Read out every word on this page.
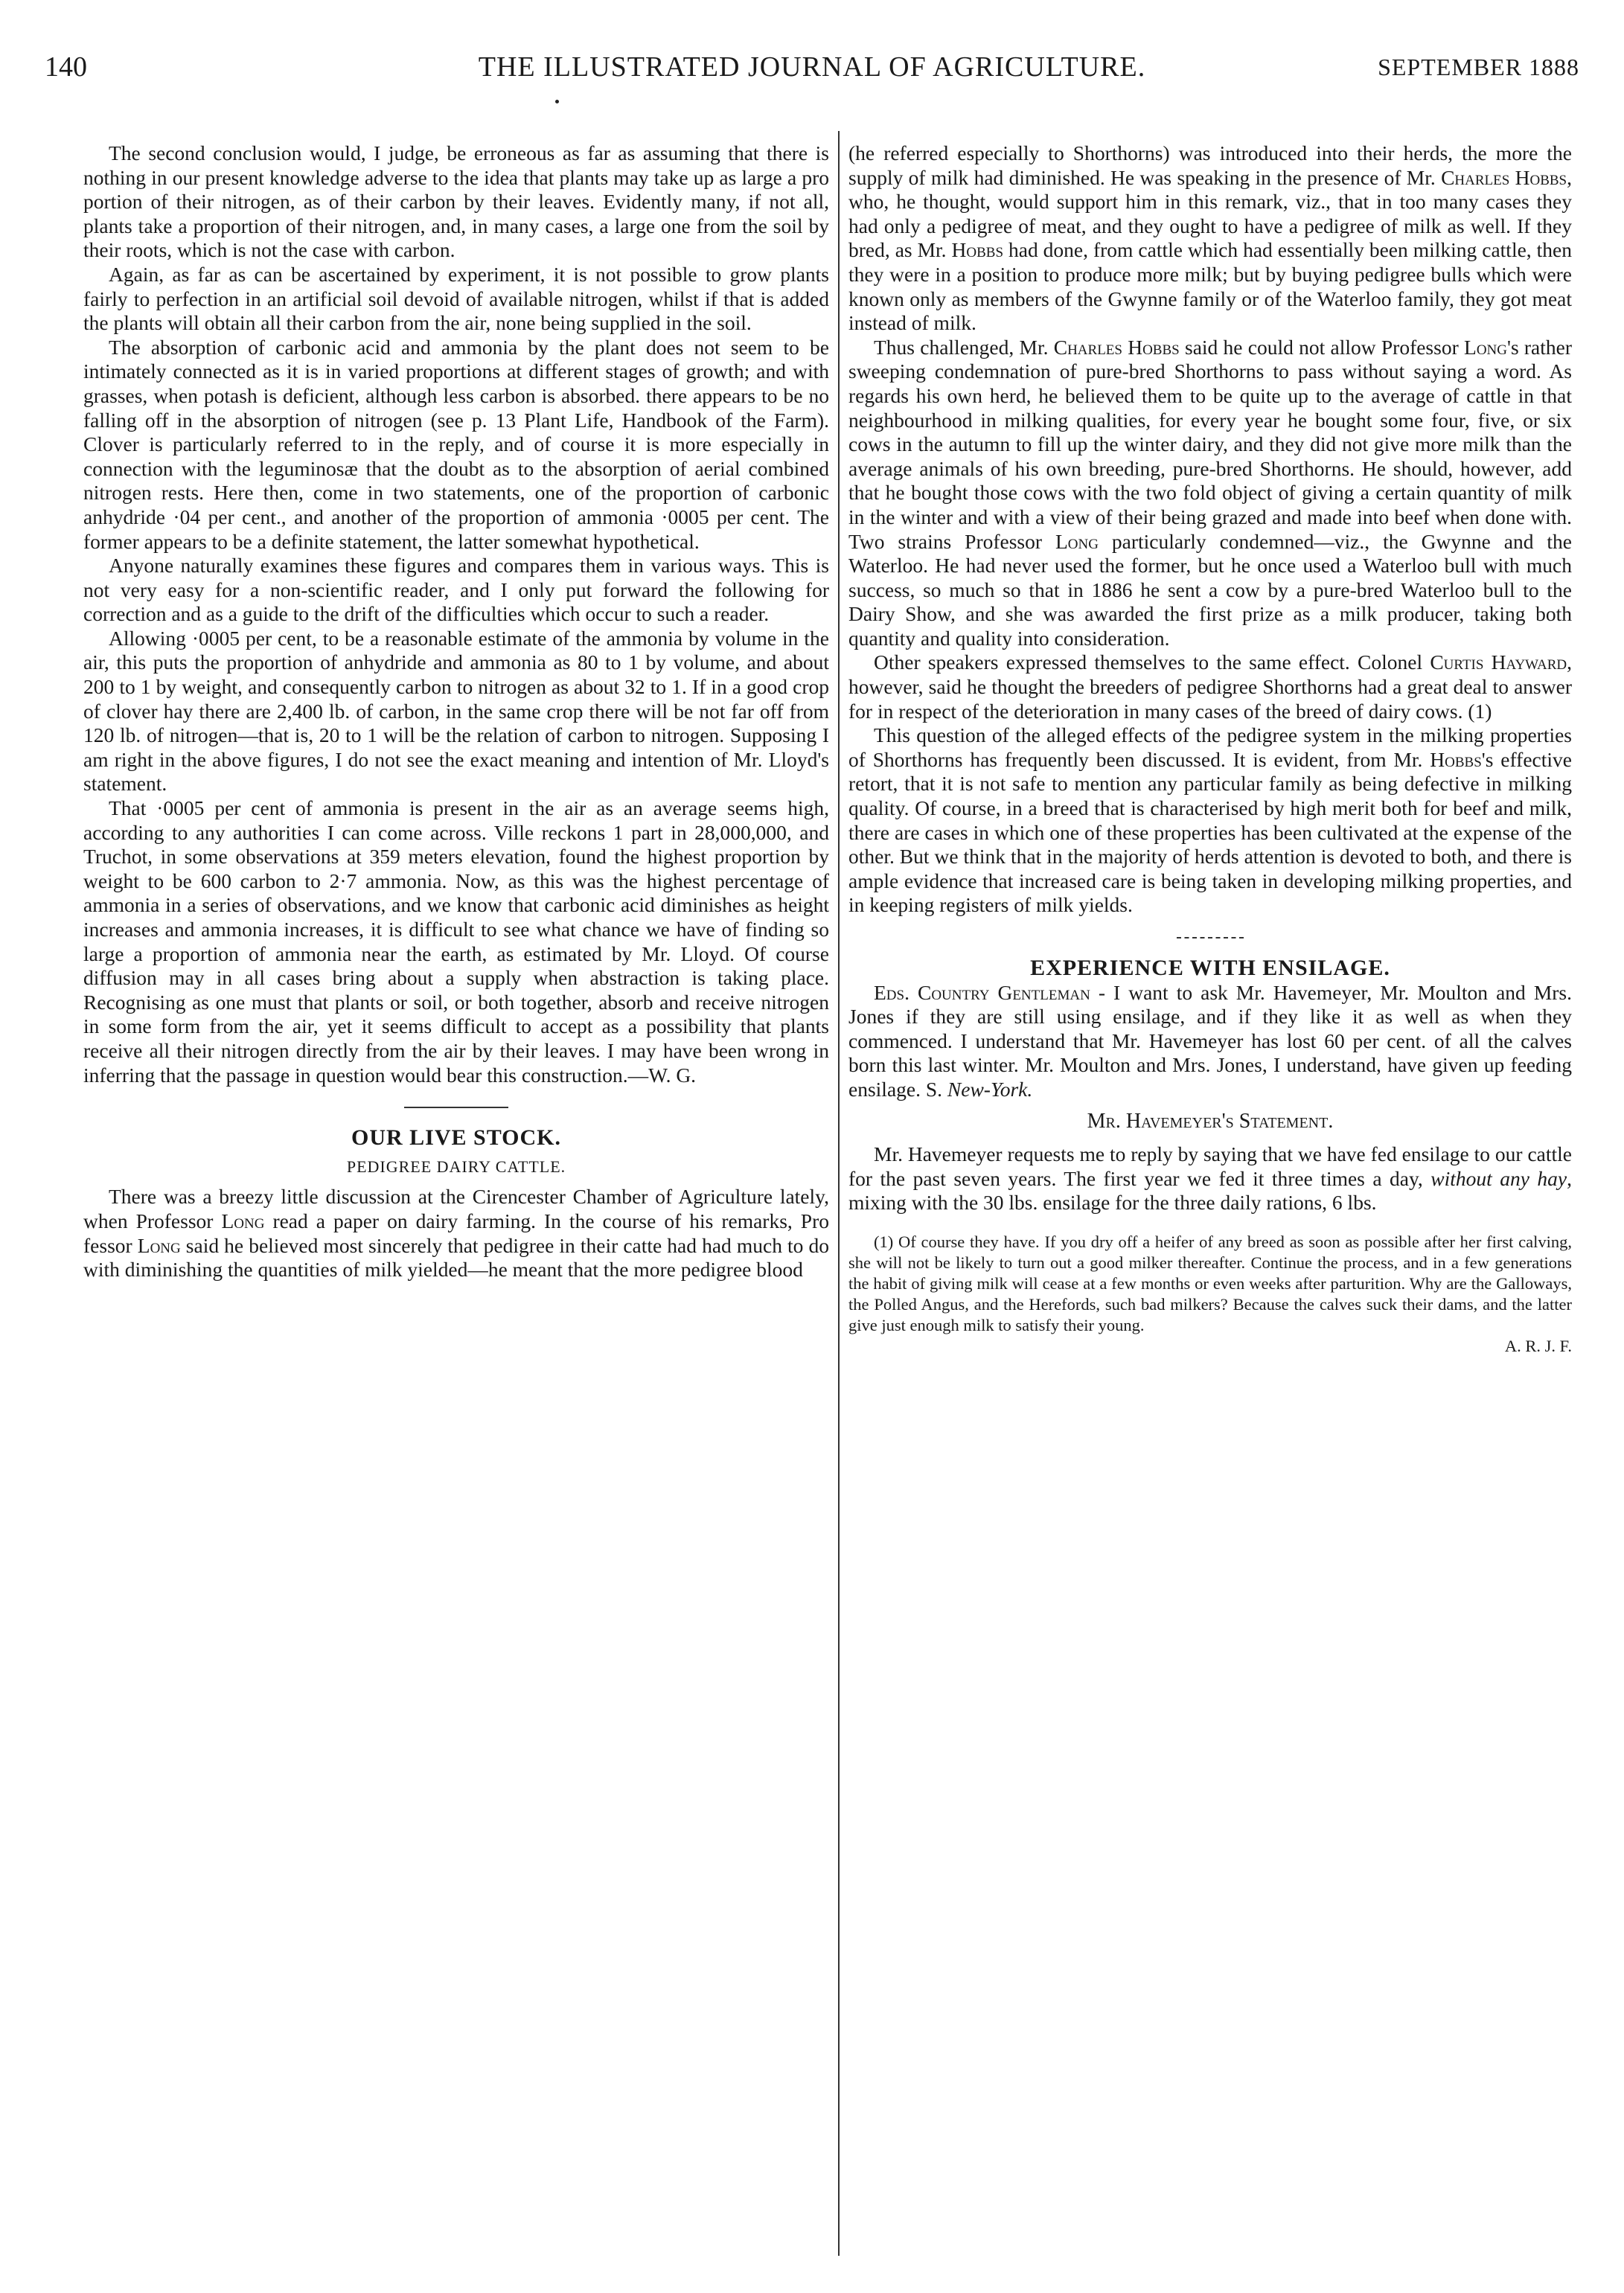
140	THE ILLUSTRATED JOURNAL OF AGRICULTURE.	SEPTEMBER 1888

The second conclusion would, I judge, be erroneous as far as assuming that there is nothing in our present knowledge adverse to the idea that plants may take up as large a pro portion of their nitrogen, as of their carbon by their leaves. Evidently many, if not all, plants take a proportion of their nitrogen, and, in many cases, a large one from the soil by their roots, which is not the case with carbon.

Again, as far as can be ascertained by experiment, it is not possible to grow plants fairly to perfection in an artificial soil devoid of available nitrogen, whilst if that is added the plants will obtain all their carbon from the air, none being supplied in the soil.

The absorption of carbonic acid and ammonia by the plant does not seem to be intimately connected as it is in varied proportions at different stages of growth; and with grasses, when potash is deficient, although less carbon is absorbed. there appears to be no falling off in the absorption of nitrogen (see p. 13 Plant Life, Handbook of the Farm). Clover is particularly referred to in the reply, and of course it is more especially in connection with the leguminosæ that the doubt as to the absorption of aerial combined nitrogen rests. Here then, come in two statements, one of the proportion of carbonic anhydride ·04 per cent., and another of the proportion of ammonia ·0005 per cent. The former appears to be a definite statement, the latter somewhat hypothetical.

Anyone naturally examines these figures and compares them in various ways. This is not very easy for a non-scientific reader, and I only put forward the following for correction and as a guide to the drift of the difficulties which occur to such a reader.

Allowing ·0005 per cent, to be a reasonable estimate of the ammonia by volume in the air, this puts the proportion of anhydride and ammonia as 80 to 1 by volume, and about 200 to 1 by weight, and consequently carbon to nitrogen as about 32 to 1. If in a good crop of clover hay there are 2,400 lb. of carbon, in the same crop there will be not far off from 120 lb. of nitrogen—that is, 20 to 1 will be the relation of carbon to nitrogen. Supposing I am right in the above figures, I do not see the exact meaning and intention of Mr. Lloyd's statement.

That ·0005 per cent of ammonia is present in the air as an average seems high, according to any authorities I can come across. Ville reckons 1 part in 28,000,000, and Truchot, in some observations at 359 meters elevation, found the highest proportion by weight to be 600 carbon to 2·7 ammonia. Now, as this was the highest percentage of ammonia in a series of observations, and we know that carbonic acid diminishes as height increases and ammonia increases, it is difficult to see what chance we have of finding so large a proportion of ammonia near the earth, as estimated by Mr. Lloyd. Of course diffusion may in all cases bring about a supply when abstraction is taking place. Recognising as one must that plants or soil, or both together, absorb and receive nitrogen in some form from the air, yet it seems difficult to accept as a possibility that plants receive all their nitrogen directly from the air by their leaves. I may have been wrong in inferring that the passage in question would bear this construction.—W. G.

OUR LIVE STOCK.
PEDIGREE DAIRY CATTLE.

There was a breezy little discussion at the Cirencester Chamber of Agriculture lately, when Professor Long read a paper on dairy farming. In the course of his remarks, Pro fessor Long said he believed most sincerely that pedigree in their catte had had much to do with diminishing the quantities of milk yielded—he meant that the more pedigree blood

(he referred especially to Shorthorns) was introduced into their herds, the more the supply of milk had diminished. He was speaking in the presence of Mr. Charles Hobbs, who, he thought, would support him in this remark, viz., that in too many cases they had only a pedigree of meat, and they ought to have a pedigree of milk as well. If they bred, as Mr. Hobbs had done, from cattle which had essentially been milking cattle, then they were in a position to produce more milk; but by buying pedigree bulls which were known only as members of the Gwynne family or of the Waterloo family, they got meat instead of milk.

Thus challenged, Mr. Charles Hobbs said he could not allow Professor Long's rather sweeping condemnation of pure-bred Shorthorns to pass without saying a word. As regards his own herd, he believed them to be quite up to the average of cattle in that neighbourhood in milking qualities, for every year he bought some four, five, or six cows in the autumn to fill up the winter dairy, and they did not give more milk than the average animals of his own breeding, pure-bred Shorthorns. He should, however, add that he bought those cows with the two fold object of giving a certain quantity of milk in the winter and with a view of their being grazed and made into beef when done with. Two strains Professor Long particularly condemned—viz., the Gwynne and the Waterloo. He had never used the former, but he once used a Waterloo bull with much success, so much so that in 1886 he sent a cow by a pure-bred Waterloo bull to the Dairy Show, and she was awarded the first prize as a milk producer, taking both quantity and quality into consideration.

Other speakers expressed themselves to the same effect. Colonel Curtis Hayward, however, said he thought the breeders of pedigree Shorthorns had a great deal to answer for in respect of the deterioration in many cases of the breed of dairy cows. (1)

This question of the alleged effects of the pedigree system in the milking properties of Shorthorns has frequently been discussed. It is evident, from Mr. Hobbs's effective retort, that it is not safe to mention any particular family as being defective in milking quality. Of course, in a breed that is characterised by high merit both for beef and milk, there are cases in which one of these properties has been cultivated at the expense of the other. But we think that in the majority of herds attention is devoted to both, and there is ample evidence that increased care is being taken in developing milking properties, and in keeping registers of milk yields.

EXPERIENCE WITH ENSILAGE.

Eds. Country Gentleman - I want to ask Mr. Havemeyer, Mr. Moulton and Mrs. Jones if they are still using ensilage, and if they like it as well as when they commenced. I understand that Mr. Havemeyer has lost 60 per cent. of all the calves born this last winter. Mr. Moulton and Mrs. Jones, I understand, have given up feeding ensilage. S. New-York.

Mr. Havemeyer's Statement.

Mr. Havemeyer requests me to reply by saying that we have fed ensilage to our cattle for the past seven years. The first year we fed it three times a day, without any hay, mixing with the 30 lbs. ensilage for the three daily rations, 6 lbs.

(1) Of course they have. If you dry off a heifer of any breed as soon as possible after her first calving, she will not be likely to turn out a good milker thereafter. Continue the process, and in a few generations the habit of giving milk will cease at a few months or even weeks after parturition. Why are the Galloways, the Polled Angus, and the Herefords, such bad milkers? Because the calves suck their dams, and the latter give just enough milk to satisfy their young.

A. R. J. F.
